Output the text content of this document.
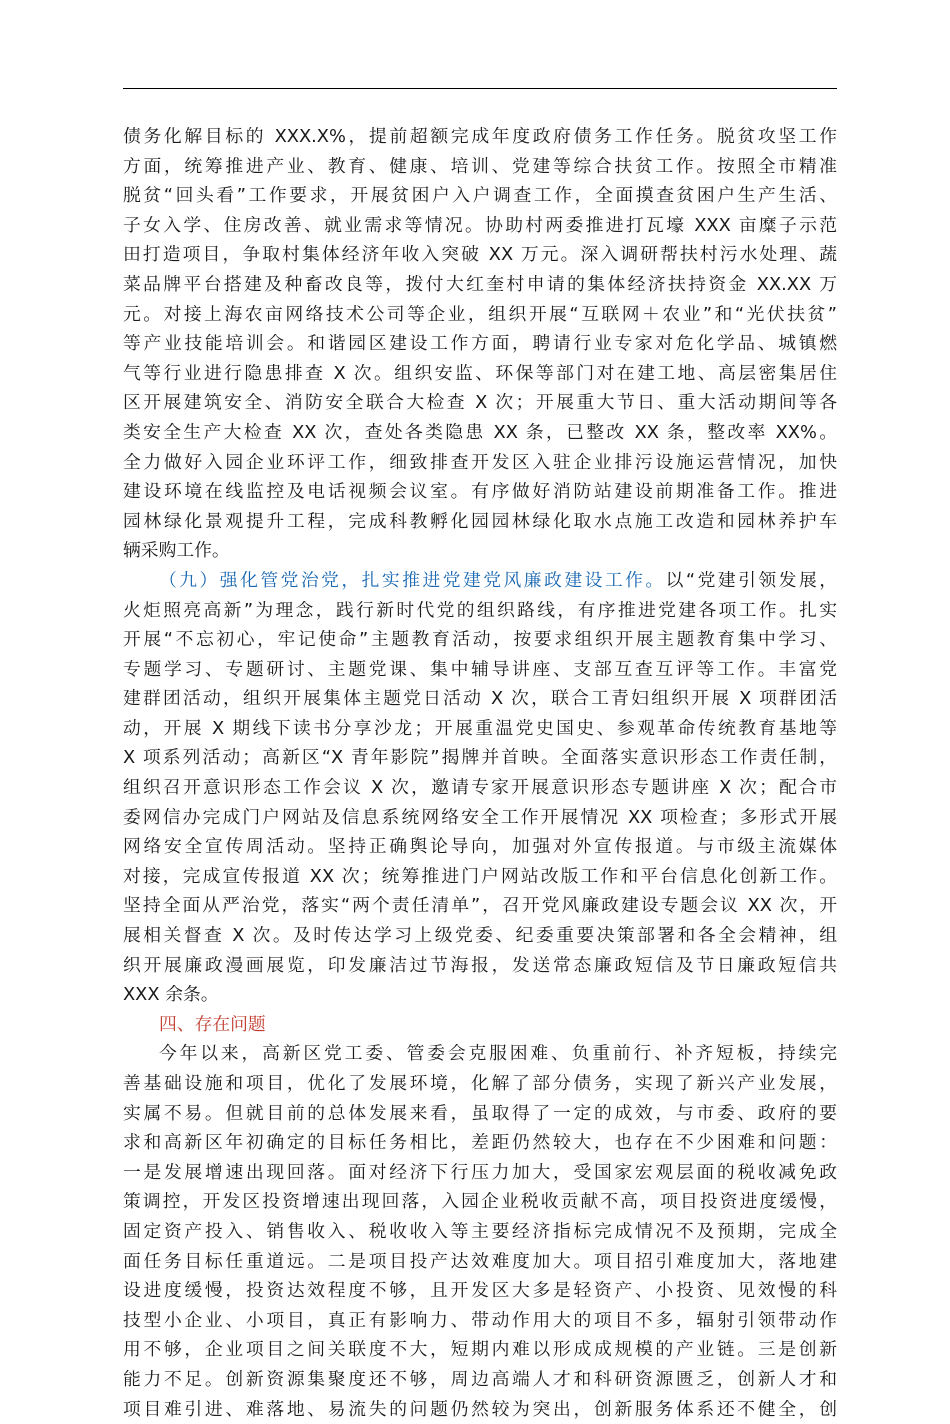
债务化解目标的 XXX.X%，提前超额完成年度政府债务工作任务。脱贫攻坚工作
方面，统筹推进产业、教育、健康、培训、党建等综合扶贫工作。按照全市精准
脱贫“回头看”工作要求，开展贫困户入户调查工作，全面摸查贫困户生产生活、
子女入学、住房改善、就业需求等情况。协助村两委推进打瓦壕 XXX 亩糜子示范
田打造项目，争取村集体经济年收入突破 XX 万元。深入调研帮扶村污水处理、蔬
菜品牌平台搭建及种畜改良等，拨付大红奎村申请的集体经济扶持资金 XX.XX 万
元。对接上海农亩网络技术公司等企业，组织开展“互联网＋农业”和“光伏扶贫”
等产业技能培训会。和谐园区建设工作方面，聘请行业专家对危化学品、城镇燃
气等行业进行隐患排查 X 次。组织安监、环保等部门对在建工地、高层密集居住
区开展建筑安全、消防安全联合大检查 X 次；开展重大节日、重大活动期间等各
类安全生产大检查 XX 次，查处各类隐患 XX 条，已整改 XX 条，整改率 XX%。
全力做好入园企业环评工作，细致排查开发区入驻企业排污设施运营情况，加快
建设环境在线监控及电话视频会议室。有序做好消防站建设前期准备工作。推进
园林绿化景观提升工程，完成科教孵化园园林绿化取水点施工改造和园林养护车
辆采购工作。
（九）强化管党治党，扎实推进党建党风廉政建设工作。以“党建引领发展，
火炬照亮高新”为理念，践行新时代党的组织路线，有序推进党建各项工作。扎实
开展“不忘初心，牢记使命”主题教育活动，按要求组织开展主题教育集中学习、
专题学习、专题研讨、主题党课、集中辅导讲座、支部互查互评等工作。丰富党
建群团活动，组织开展集体主题党日活动 X 次，联合工青妇组织开展 X 项群团活
动，开展 X 期线下读书分享沙龙；开展重温党史国史、参观革命传统教育基地等
X 项系列活动；高新区“X 青年影院”揭牌并首映。全面落实意识形态工作责任制，
组织召开意识形态工作会议 X 次，邀请专家开展意识形态专题讲座 X 次；配合市
委网信办完成门户网站及信息系统网络安全工作开展情况 XX 项检查；多形式开展
网络安全宣传周活动。坚持正确舆论导向，加强对外宣传报道。与市级主流媒体
对接，完成宣传报道 XX 次；统筹推进门户网站改版工作和平台信息化创新工作。
坚持全面从严治党，落实“两个责任清单”，召开党风廉政建设专题会议 XX 次，开
展相关督查 X 次。及时传达学习上级党委、纪委重要决策部署和各全会精神，组
织开展廉政漫画展览，印发廉洁过节海报，发送常态廉政短信及节日廉政短信共
XXX 余条。
四、存在问题
今年以来，高新区党工委、管委会克服困难、负重前行、补齐短板，持续完
善基础设施和项目，优化了发展环境，化解了部分债务，实现了新兴产业发展，
实属不易。但就目前的总体发展来看，虽取得了一定的成效，与市委、政府的要
求和高新区年初确定的目标任务相比，差距仍然较大，也存在不少困难和问题：
一是发展增速出现回落。面对经济下行压力加大，受国家宏观层面的税收减免政
策调控，开发区投资增速出现回落，入园企业税收贡献不高，项目投资进度缓慢，
固定资产投入、销售收入、税收收入等主要经济指标完成情况不及预期，完成全
面任务目标任重道远。二是项目投产达效难度加大。项目招引难度加大，落地建
设进度缓慢，投资达效程度不够，且开发区大多是轻资产、小投资、见效慢的科
技型小企业、小项目，真正有影响力、带动作用大的项目不多，辐射引领带动作
用不够，企业项目之间关联度不大，短期内难以形成成规模的产业链。三是创新
能力不足。创新资源集聚度还不够，周边高端人才和科研资源匮乏，创新人才和
项目难引进、难落地、易流失的问题仍然较为突出，创新服务体系还不健全，创
